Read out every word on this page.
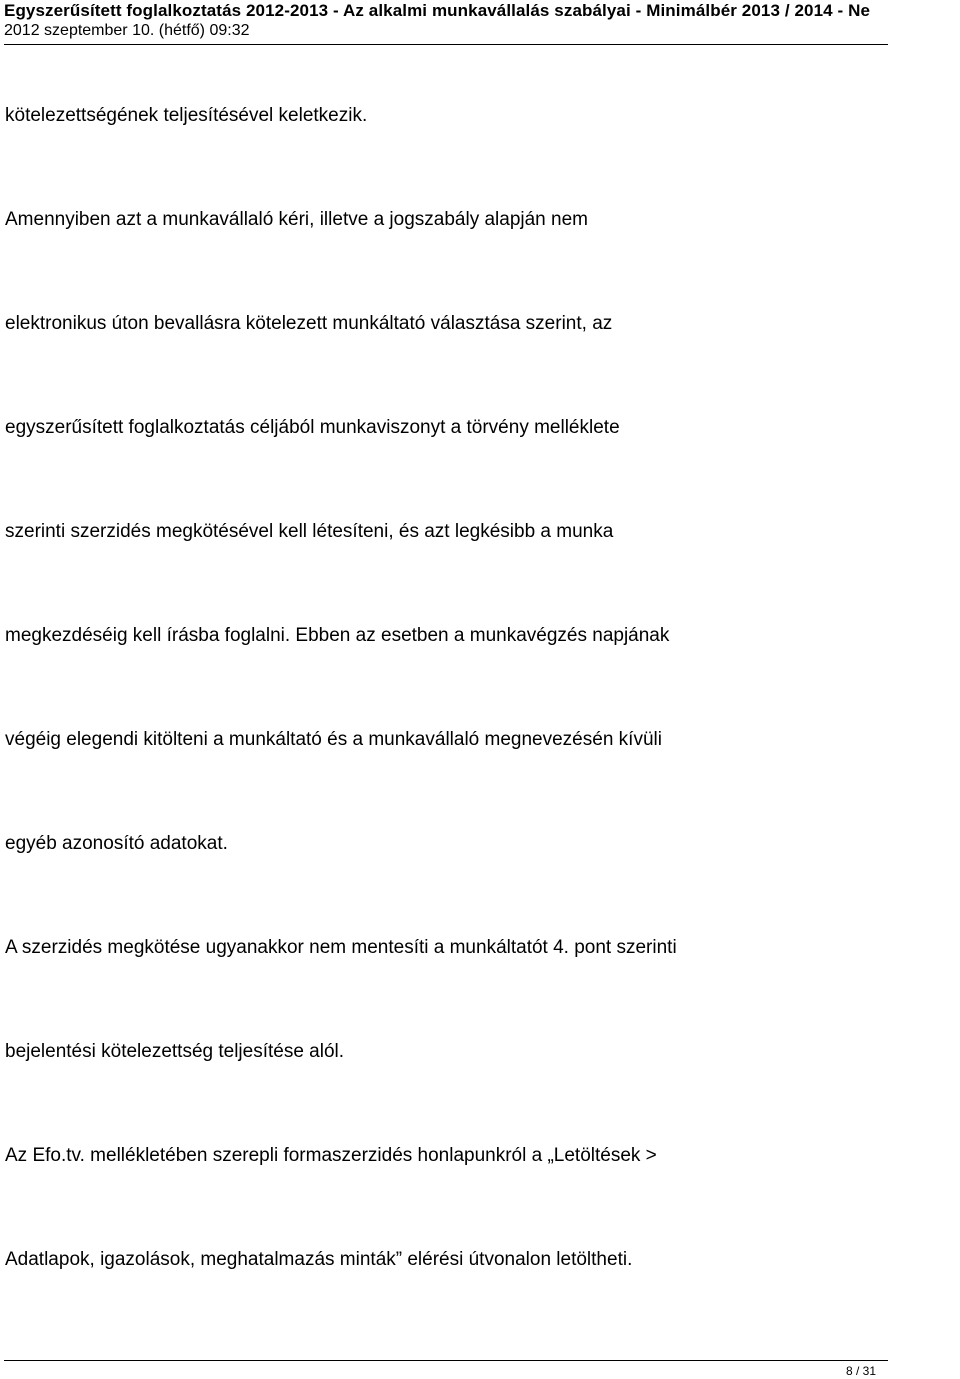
Egyszerűsített foglalkoztatás 2012-2013 - Az alkalmi munkavállalás szabályai - Minimálbér 2013 / 2014 - Ne
2012 szeptember 10. (hétfő) 09:32
kötelezettségének teljesítésével keletkezik.
Amennyiben azt a munkavállaló kéri, illetve a jogszabály alapján nem
elektronikus úton bevallásra kötelezett munkáltató választása szerint, az
egyszerűsített foglalkoztatás céljából munkaviszonyt a törvény melléklete
szerinti szerzidés megkötésével kell létesíteni, és azt legkésibb a munka
megkezdéséig kell írásba foglalni. Ebben az esetben a munkavégzés napjának
végéig elegendi kitölteni a munkáltató és a munkavállaló megnevezésén kívüli
egyéb azonosító adatokat.
A szerzidés megkötése ugyanakkor nem mentesíti a munkáltatót 4. pont szerinti
bejelentési kötelezettség teljesítése alól.
Az Efo.tv. mellékletében szerepli formaszerzidés honlapunkról a „Letöltések >
Adatlapok, igazolások, meghatalmazás minták” elérési útvonalon letöltheti.
8 / 31
